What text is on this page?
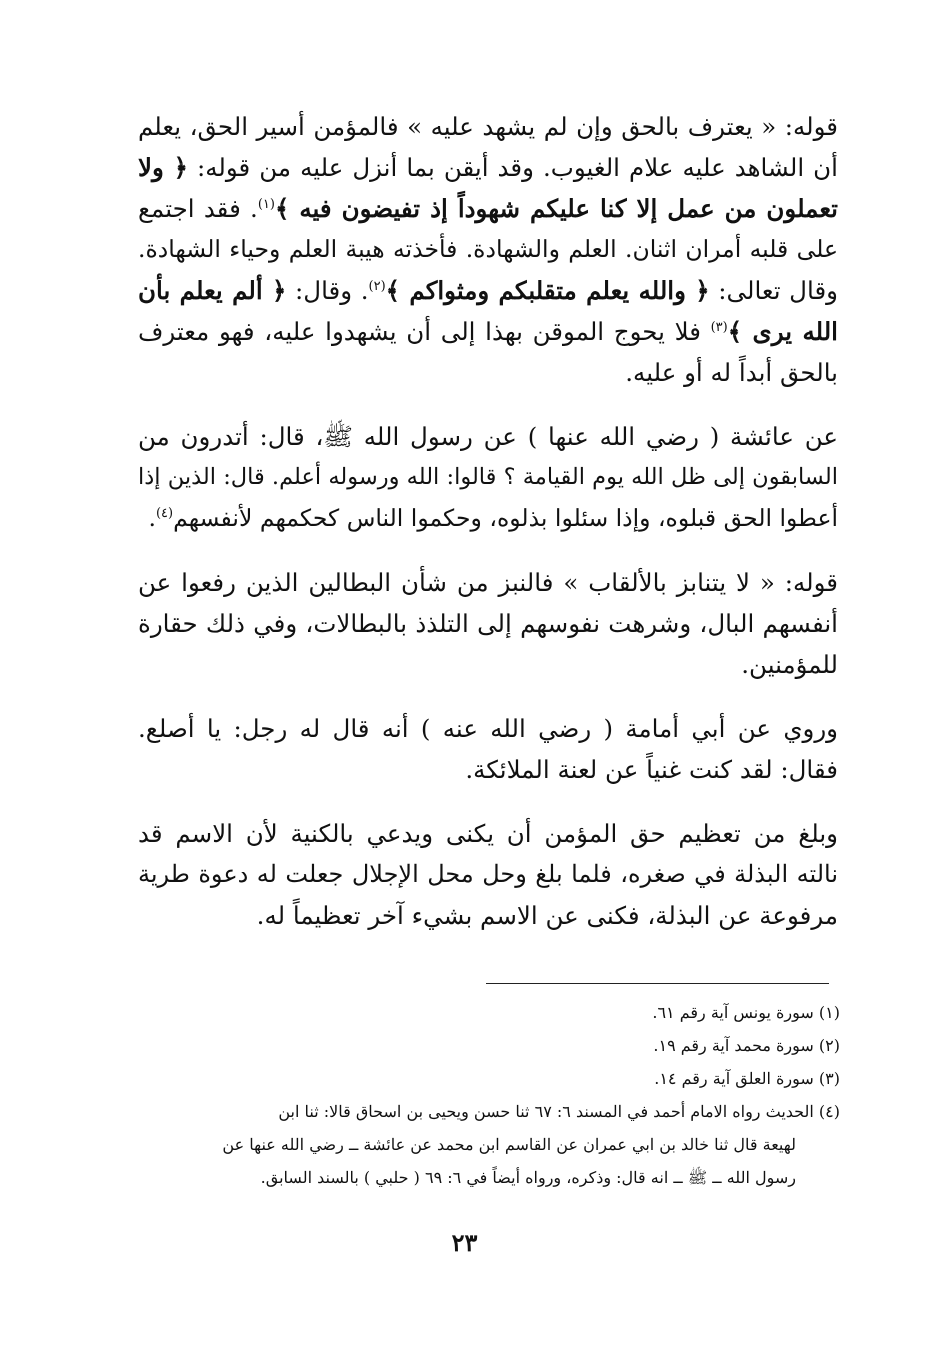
قوله: « يعترف بالحق وإن لم يشهد عليه » فالمؤمن أسير الحق، يعلم
أن الشاهد عليه علام الغيوب. وقد أيقن بما أنزل عليه من قوله: ﴿ ولا
تعملون من عمل إلا كنا عليكم شهوداً إذ تفيضون فيه ﴾$^{(١)}$. فقد اجتمع
على قلبه أمران اثنان. العلم والشهادة. فأخذته هيبة العلم وحياء الشهادة.
وقال تعالى: ﴿ والله يعلم متقلبكم ومثواكم ﴾$^{(٢)}$. وقال: ﴿ ألم يعلم بأن
الله يرى ﴾$^{(٣)}$ فلا يحوج الموقن بهذا إلى أن يشهدوا عليه، فهو معترف
بالحق أبداً له أو عليه.
عن عائشة ( رضي الله عنها ) عن رسول الله ﷺ، قال: أتدرون من
السابقون إلى ظل الله يوم القيامة ؟ قالوا: الله ورسوله أعلم. قال: الذين إذا
أعطوا الحق قبلوه، وإذا سئلوا بذلوه، وحكموا الناس كحكمهم لأنفسهم$^{(٤)}$.
قوله: « لا يتنابز بالألقاب » فالنبز من شأن البطالين الذين رفعوا عن
أنفسهم البال، وشرهت نفوسهم إلى التلذذ بالبطالات، وفي ذلك حقارة
للمؤمنين.
وروي عن أبي أمامة ( رضي الله عنه ) أنه قال له رجل: يا أصلع.
فقال: لقد كنت غنياً عن لعنة الملائكة.
وبلغ من تعظيم حق المؤمن أن يكنى ويدعي بالكنية لأن الاسم قد
نالته البذلة في صغره، فلما بلغ وحل محل الإجلال جعلت له دعوة طرية
مرفوعة عن البذلة، فكنى عن الاسم بشيء آخر تعظيماً له.

(١) سورة يونس آية رقم ٦١.

(٢) سورة محمد آية رقم ١٩.

(٣) سورة العلق آية رقم ١٤.

(٤) الحديث رواه الامام أحمد في المسند ٦: ٦٧ ثنا حسن ويحيى بن اسحاق قالا: ثنا ابن

لهيعة قال ثنا خالد بن ابي عمران عن القاسم ابن محمد عن عائشة ــ رضي الله عنها عن

رسول الله ــ ﷺ ــ انه قال: وذكره، ورواه أيضاً في ٦: ٦٩ ( حلبي ) بالسند السابق.

٢٣
